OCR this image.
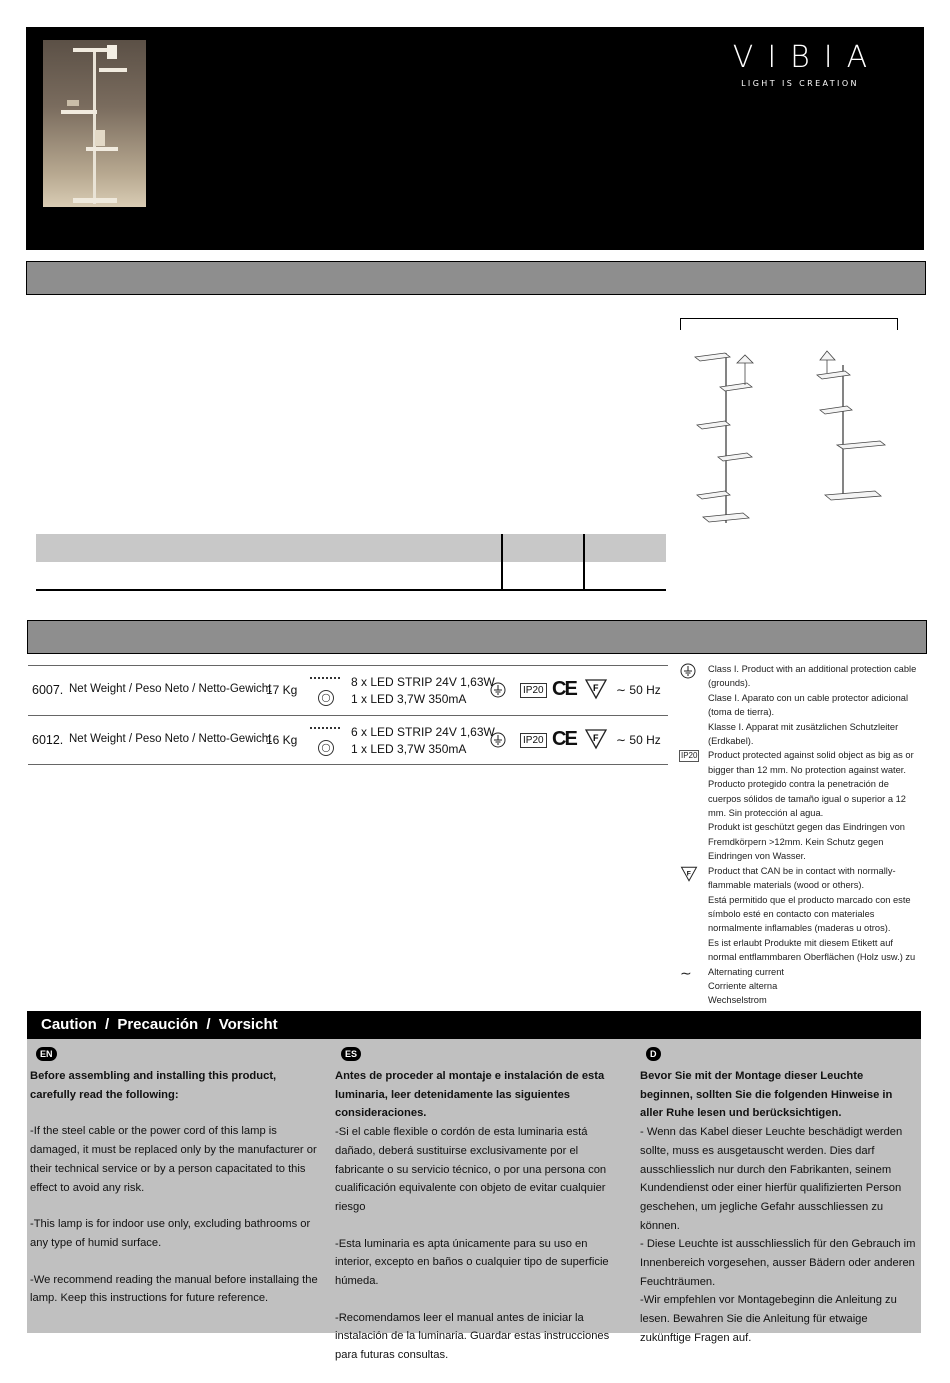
VIBIA
LIGHT IS CREATION
6007. Net Weight / Peso Neto / Netto-Gewicht
17 Kg
◯
8 x LED STRIP 24V 1,63W
1 x LED 3,7W 350mA
IP20 CE F ∼ 50 Hz
6012. Net Weight / Peso Neto / Netto-Gewicht
16 Kg
◯
6 x LED STRIP 24V 1,63W
1 x LED 3,7W 350mA
IP20 CE F ∼ 50 Hz
Class I. Product with an additional protection cable (grounds).
Clase I. Aparato con un cable protector adicional (toma de tierra).
Klasse I. Apparat mit zusätzlichen Schutzleiter (Erdkabel).
IP20 Product protected against solid object as big as or bigger than 12 mm. No protection against water.
Producto protegido contra la penetración de cuerpos sólidos de tamaño igual o superior a 12 mm. Sin protección al agua.
Produkt ist geschützt gegen das Eindringen von Fremdkörpern >12mm. Kein Schutz gegen Eindringen von Wasser.
F Product that CAN be in contact with normally-flammable materials (wood or others).
Está permitido que el producto marcado con este símbolo esté en contacto con materiales normalmente inflamables (maderas u otros).
Es ist erlaubt Produkte mit diesem Etikett auf normal entflammbaren Oberflächen (Holz usw.) zu
∼ Alternating current
Corriente alterna
Wechselstrom
Caution / Precaución / Vorsicht
EN
Before assembling and installing this product, carefully read the following:

-If the steel cable or the power cord of this lamp is damaged, it must be replaced only by the manufacturer or their technical service or by a person capacitated to this effect to avoid any risk.

-This lamp is for indoor use only, excluding bathrooms or any type of humid surface.

-We recommend reading the manual before installaing the lamp. Keep this instructions for future reference.

ES
Antes de proceder al montaje e instalación de esta luminaria, leer detenidamente las siguientes consideraciones.

-Si el cable flexible o cordón de esta luminaria está dañado, deberá sustituirse exclusivamente por el fabricante o su servicio técnico, o por una persona con cualificación equivalente con objeto de evitar cualquier riesgo

-Esta luminaria es apta únicamente para su uso en interior, excepto en baños o cualquier tipo de superficie húmeda.

-Recomendamos leer el manual antes de iniciar la instalación de la luminaria. Guardar estas instrucciones para futuras consultas.

D
Bevor Sie mit der Montage dieser Leuchte beginnen, sollten Sie die folgenden Hinweise in aller Ruhe lesen und berücksichtigen.

- Wenn das Kabel dieser Leuchte beschädigt werden sollte, muss es ausgetauscht werden. Dies darf ausschliesslich nur durch den Fabrikanten, seinem Kundendienst oder einer hierfür qualifizierten Person geschehen, um jegliche Gefahr ausschliessen zu können.

- Diese Leuchte ist ausschliesslich für den Gebrauch im Innenbereich vorgesehen, ausser Bädern oder anderen Feuchträumen.

-Wir empfehlen vor Montagebeginn die Anleitung zu lesen. Bewahren Sie die Anleitung für etwaige zukünftige Fragen auf.
